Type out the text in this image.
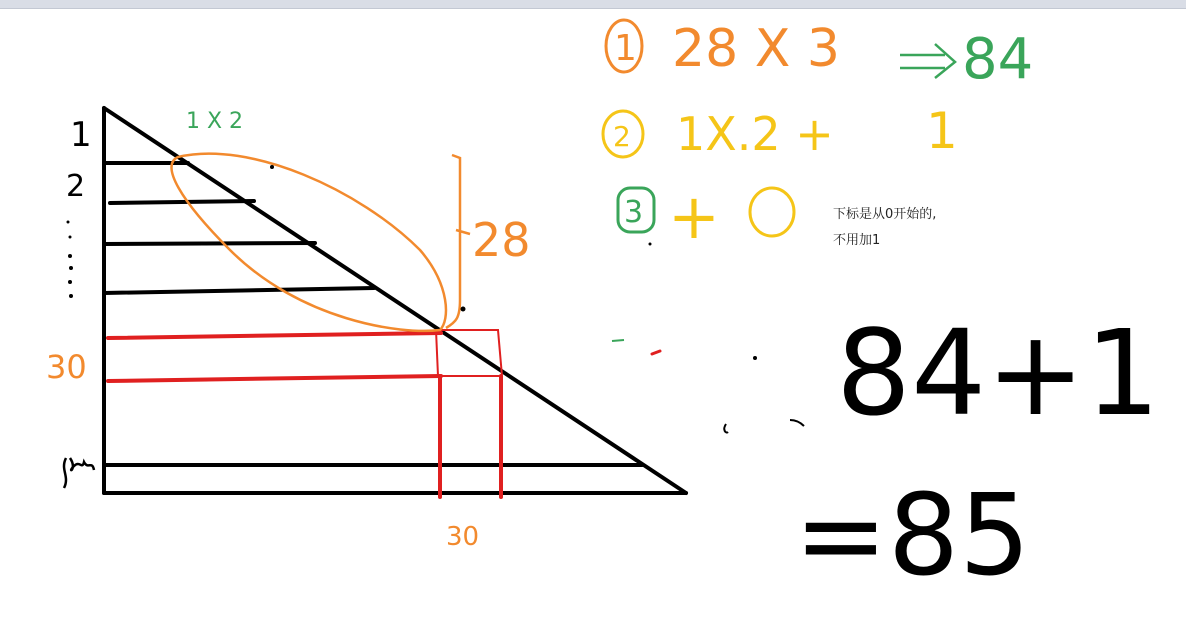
1
2
30
28
30
1 X 2
1 28 X 3 84
2 1X.2 + 1
3 +
84+1
=85
下标是从0开始的,
不用加1
